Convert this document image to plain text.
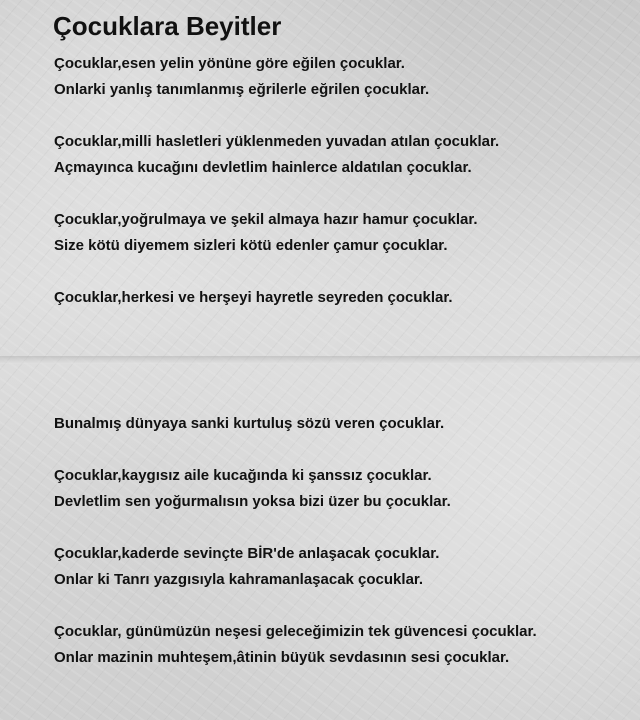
Çocuklara Beyitler

Çocuklar,esen yelin yönüne göre eğilen çocuklar.

Onlarki yanlış tanımlanmış eğrilerle eğrilen çocuklar.

Çocuklar,milli hasletleri yüklenmeden yuvadan atılan çocuklar.

Açmayınca kucağını devletlim hainlerce aldatılan çocuklar.

Çocuklar,yoğrulmaya ve şekil almaya hazır hamur çocuklar.

Size kötü diyemem sizleri kötü edenler çamur çocuklar.

Çocuklar,herkesi ve herşeyi hayretle seyreden çocuklar.

Bunalmış dünyaya sanki kurtuluş sözü veren çocuklar.

Çocuklar,kaygısız aile kucağında ki şanssız çocuklar.

Devletlim sen yoğurmalısın yoksa bizi üzer bu çocuklar.

Çocuklar,kaderde sevinçte BİR'de anlaşacak çocuklar.

Onlar ki Tanrı yazgısıyla kahramanlaşacak çocuklar.

Çocuklar, günümüzün neşesi geleceğimizin tek güvencesi çocuklar.

Onlar mazinin muhteşem,âtinin büyük sevdasının sesi çocuklar.
